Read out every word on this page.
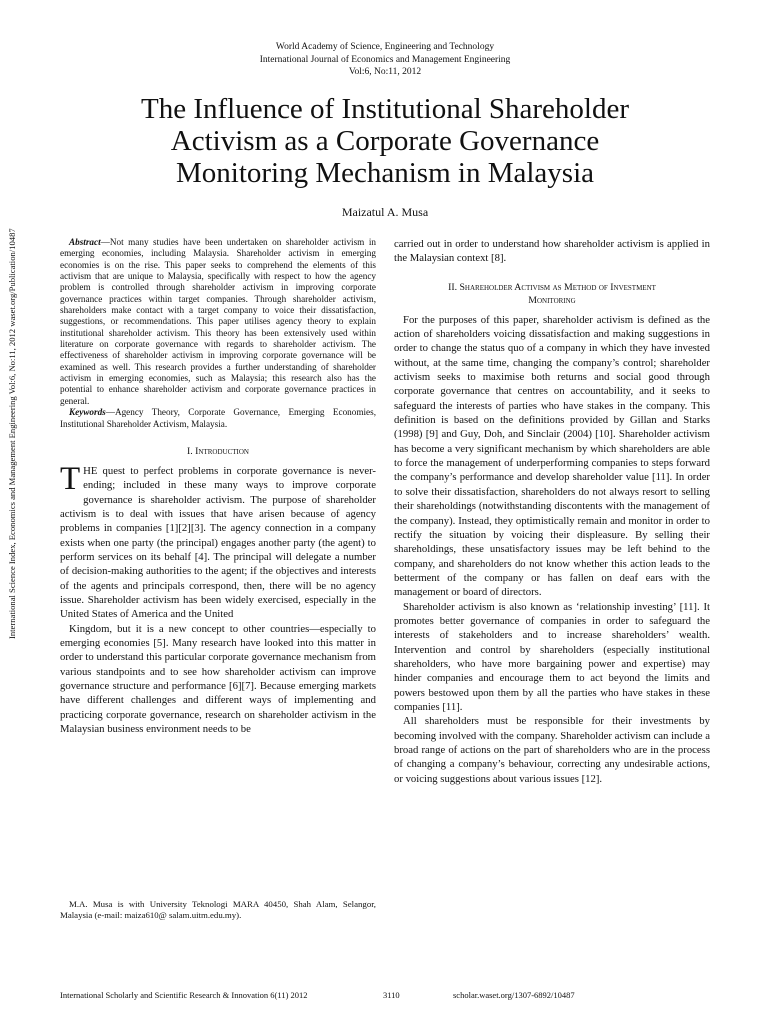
World Academy of Science, Engineering and Technology
International Journal of Economics and Management Engineering
Vol:6, No:11, 2012
The Influence of Institutional Shareholder
Activism as a Corporate Governance
Monitoring Mechanism in Malaysia
Maizatul A. Musa
International Science Index, Economics and Management Engineering Vol:6, No:11, 2012 waset.org/Publication/10487	Abstract—Not many studies have been undertaken on shareholder activism in emerging economies, including Malaysia. Shareholder activism in emerging economies is on the rise. This paper seeks to comprehend the elements of this activism that are unique to Malaysia, specifically with respect to how the agency problem is controlled through shareholder activism in improving corporate governance practices within target companies. Through shareholder activism, shareholders make contact with a target company to voice their dissatisfaction, suggestions, or recommendations. This paper utilises agency theory to explain institutional shareholder activism. This theory has been extensively used within literature on corporate governance with regards to shareholder activism. The effectiveness of shareholder activism in improving corporate governance will be examined as well. This research provides a further understanding of shareholder activism in emerging economies, such as Malaysia; this research also has the potential to enhance shareholder activism and corporate governance practices in general.

Keywords—Agency Theory, Corporate Governance, Emerging Economies, Institutional Shareholder Activism, Malaysia.

I. Introduction

THE quest to perfect problems in corporate governance is never-ending; included in these many ways to improve corporate governance is shareholder activism. The purpose of shareholder activism is to deal with issues that have arisen because of agency problems in companies [1][2][3]. The agency connection in a company exists when one party (the principal) engages another party (the agent) to perform services on its behalf [4]. The principal will delegate a number of decision-making authorities to the agent; if the objectives and interests of the agents and principals correspond, then, there will be no agency issue. Shareholder activism has been widely exercised, especially in the United States of America and the United

Kingdom, but it is a new concept to other countries—especially to emerging economies [5]. Many research have looked into this matter in order to understand this particular corporate governance mechanism from various standpoints and to see how shareholder activism can improve governance structure and performance [6][7]. Because emerging markets have different challenges and different ways of implementing and practicing corporate governance, research on shareholder activism in the Malaysian business environment needs to be

carried out in order to understand how shareholder activism is applied in the Malaysian context [8].

II. Shareholder Activism as Method of Investment
Monitoring

For the purposes of this paper, shareholder activism is defined as the action of shareholders voicing dissatisfaction and making suggestions in order to change the status quo of a company in which they have invested without, at the same time, changing the company’s control; shareholder activism seeks to maximise both returns and social good through corporate governance that centres on accountability, and it seeks to safeguard the interests of parties who have stakes in the company. This definition is based on the definitions provided by Gillan and Starks (1998) [9] and Guy, Doh, and Sinclair (2004) [10]. Shareholder activism has become a very significant mechanism by which shareholders are able to force the management of underperforming companies to steps forward the company’s performance and develop shareholder value [11]. In order to solve their dissatisfaction, shareholders do not always resort to selling their shareholdings (notwithstanding discontents with the management of the company). Instead, they optimistically remain and monitor in order to rectify the situation by voicing their displeasure. By selling their shareholdings, these unsatisfactory issues may be left behind to the company, and shareholders do not know whether this action leads to the betterment of the company or has fallen on deaf ears with the management or board of directors.

Shareholder activism is also known as ‘relationship investing’ [11]. It promotes better governance of companies in order to safeguard the interests of stakeholders and to increase shareholders’ wealth. Intervention and control by shareholders (especially institutional shareholders, who have more bargaining power and expertise) may hinder companies and encourage them to act beyond the limits and powers bestowed upon them by all the parties who have stakes in these companies [11].

All shareholders must be responsible for their investments by becoming involved with the company. Shareholder activism can include a broad range of actions on the part of shareholders who are in the process of changing a company’s behaviour, correcting any undesirable actions, or voicing suggestions about various issues [12].

M.A. Musa is with University Teknologi MARA 40450, Shah Alam, Selangor, Malaysia (e-mail: maiza610@ salam.uitm.edu.my).
International Scholarly and Scientific Research & Innovation 6(11) 2012	3110	scholar.waset.org/1307-6892/10487
